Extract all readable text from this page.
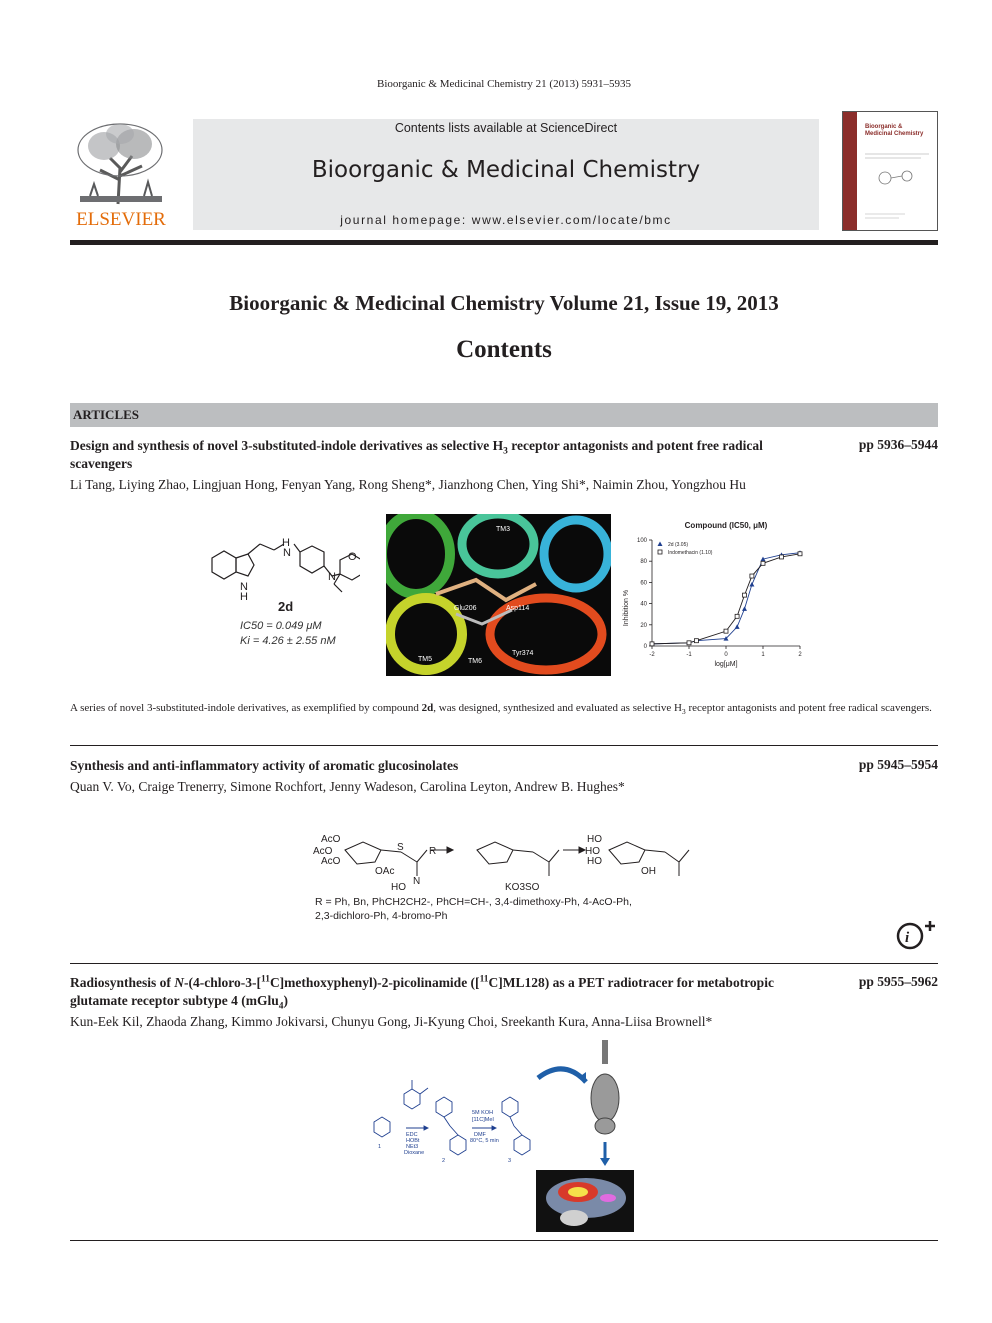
Bioorganic & Medicinal Chemistry 21 (2013) 5931–5935
ELSEVIER
Contents lists available at ScienceDirect
Bioorganic & Medicinal Chemistry
journal homepage: www.elsevier.com/locate/bmc
Bioorganic & Medicinal Chemistry
Bioorganic & Medicinal Chemistry Volume 21, Issue 19, 2013
Contents
ARTICLES
Design and synthesis of novel 3-substituted-indole derivatives as selective $H_3$ receptor antagonists and potent free radical scavengers
pp 5936–5944
Li Tang, Liying Zhao, Lingjuan Hong, Fenyan Yang, Rong Sheng*, Jianzhong Chen, Ying Shi*, Naimin Zhou, Yongzhou Hu
H
N
N
H
O
N
2d
IC50 = 0.049 μM
Ki = 4.26 ± 2.55 nM
TM3
Asp114
Glu206
Tyr374
TM5	TM6
Compound (IC50, μM)
Inhibition %
log[μM]
-2	-1	0	1	2
0
20
40
60
80
100
2d (3.05)
Indomethacin (1.10)
A series of novel 3-substituted-indole derivatives, as exemplified by compound 2d, was designed, synthesized and evaluated as selective $H_3$ receptor antagonists and potent free radical scavengers.
Synthesis and anti-inflammatory activity of aromatic glucosinolates	pp 5945–5954
Quan V. Vo, Craige Trenerry, Simone Rochfort, Jenny Wadeson, Carolina Leyton, Andrew B. Hughes*
AcO
AcO
AcO
OAc
HO
N
S	R
KO3SO
HO
HO
HO
OH
R = Ph, Bn, PhCH2CH2-, PhCH=CH-, 3,4-dimethoxy-Ph, 4-AcO-Ph,
2,3-dichloro-Ph, 4-bromo-Ph
i
Radiosynthesis of N-(4-chloro-3-[$^{11}$C]methoxyphenyl)-2-picolinamide ([$^{11}$C]ML128) as a PET radiotracer for metabotropic glutamate receptor subtype 4 (mGlu$_4$)
pp 5955–5962
Kun-Eek Kil, Zhaoda Zhang, Kimmo Jokivarsi, Chunyu Gong, Ji-Kyung Choi, Sreekanth Kura, Anna-Liisa Brownell*
1
2	3
EDC
HOBt
NEt3
Dioxane
5M KOH
[11C]MeI
DMF
80°C, 5 min
